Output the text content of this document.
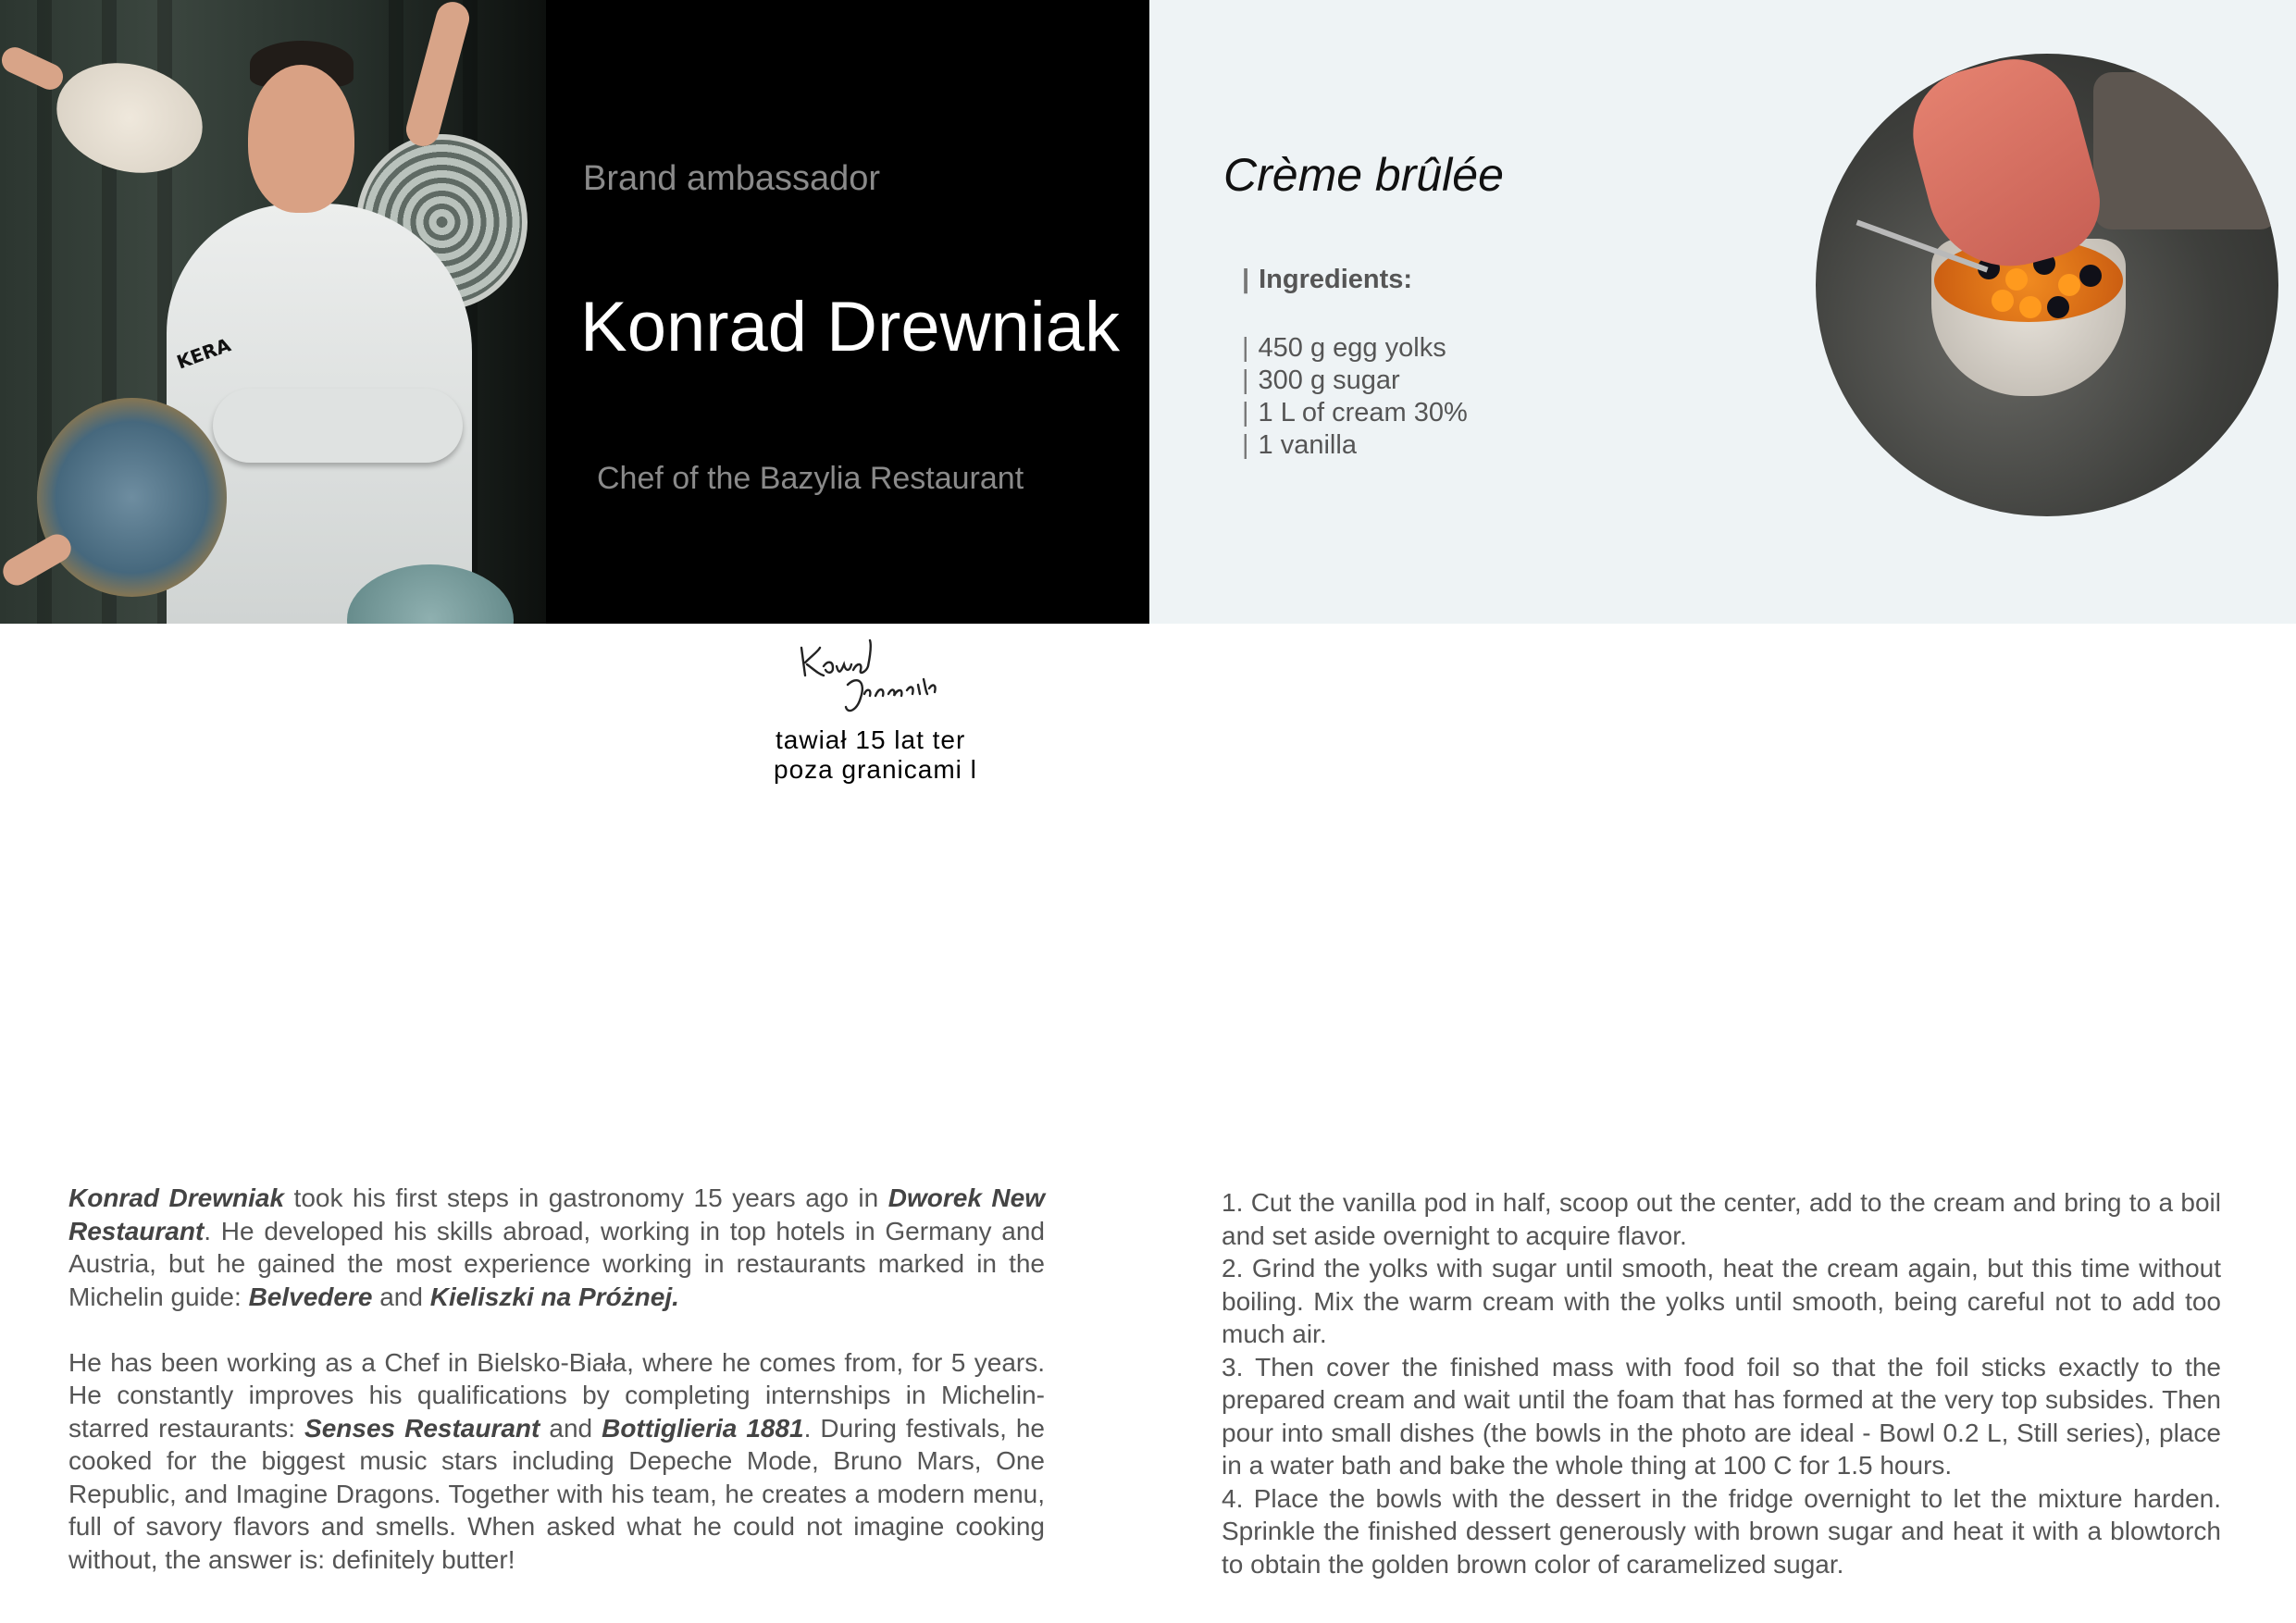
KERA
Brand ambassador
Konrad Drewniak
Chef of the Bazylia Restaurant
Crème brûlée
| Ingredients:
| 450 g egg yolks
| 300 g sugar
| 1 L of cream 30%
| 1 vanilla
tawiał 15 lat ter
poza granicami l

Konrad Drewniak took his first steps in gastronomy 15 years ago in Dworek New Restaurant. He developed his skills abroad, working in top hotels in Germany and Austria, but he gained the most experience working in restaurants marked in the Michelin guide: Belvedere and Kieliszki na Próżnej.

He has been working as a Chef in Bielsko-Biała, where he comes from, for 5 years. He constantly improves his qualifications by completing internships in Michelin-starred restaurants: Senses Restaurant and Bottiglieria 1881. During festivals, he cooked for the biggest music stars including Depeche Mode, Bruno Mars, One Republic, and Imagine Dragons. Together with his team, he creates a modern menu, full of savory flavors and smells. When asked what he could not imagine cooking without, the answer is: definitely butter!

1. Cut the vanilla pod in half, scoop out the center, add to the cream and bring to a boil and set aside overnight to acquire flavor.
2. Grind the yolks with sugar until smooth, heat the cream again, but this time without boiling. Mix the warm cream with the yolks until smooth, being careful not to add too much air.
3. Then cover the finished mass with food foil so that the foil sticks exactly to the prepared cream and wait until the foam that has formed at the very top subsides. Then pour into small dishes (the bowls in the photo are ideal - Bowl 0.2 L, Still series), place in a water bath and bake the whole thing at 100 C for 1.5 hours.
4. Place the bowls with the dessert in the fridge overnight to let the mixture harden. Sprinkle the finished dessert generously with brown sugar and heat it with a blowtorch to obtain the golden brown color of caramelized sugar.
